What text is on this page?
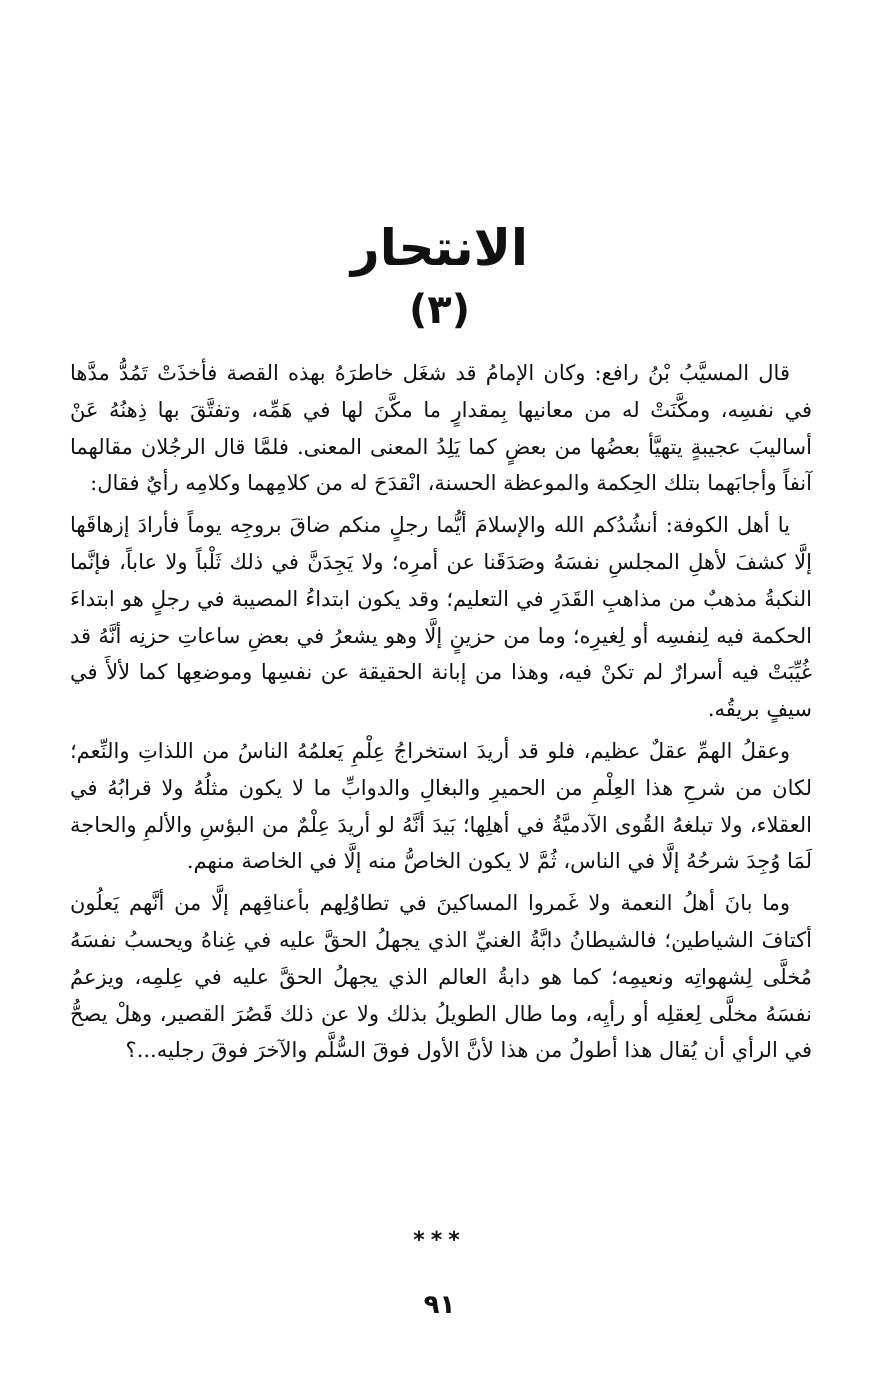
الانتحار
(٣)

قال المسيَّبُ بْنُ رافع: وكان الإمامُ قد شغَل خاطرَهُ بهذه القصة فأخذَتْ تَمُدُّ مدَّها في نفسِه، ومكَّنَتْ له من معانيها بِمقدارٍ ما مكَّنَ لها في هَمِّه، وتفتَّقَ بها ذِهنُهُ عَنْ أساليبَ عجيبةٍ يتهيَّأ بعضُها من بعضٍ كما يَلِدُ المعنى المعنى. فلمَّا قال الرجُلان مقالهما آنفاً وأجابَهما بتلك الحِكمة والموعظة الحسنة، انْقدَحَ له من كلامِهما وكلامِه رأيٌ فقال:

يا أهل الكوفة: أنشُدُكم الله والإسلامَ أيُّما رجلٍ منكم ضاقَ بروجِه يوماً فأرادَ إزهاقَها إلَّا كشفَ لأهلِ المجلسِ نفسَهُ وصَدَقَنا عن أمرِه؛ ولا يَجِدَنَّ في ذلك ثَلْباً ولا عاباً، فإنَّما النكبةُ مذهبٌ من مذاهبِ القَدَرِ في التعليم؛ وقد يكون ابتداءُ المصيبة في رجلٍ هو ابتداءَ الحكمة فيه لِنفسِه أو لِغيرِه؛ وما من حزينٍ إلَّا وهو يشعرُ في بعضِ ساعاتِ حزنِه أنَّهُ قد غُيِّبَتْ فيه أسرارٌ لم تكنْ فيه، وهذا من إبانة الحقيقة عن نفسِها وموضعِها كما لألأَ في سيفٍ بريقُه.

وعقلُ الهمِّ عقلٌ عظيم، فلو قد أريدَ استخراجُ عِلْمِ يَعلمُهُ الناسُ من اللذاتِ والنِّعم؛ لكان من شرحِ هذا العِلْمِ من الحميرِ والبغالِ والدوابِّ ما لا يكون مثلُهُ ولا قرابُهُ في العقلاء، ولا تبلغهُ القُوى الآدميَّةُ في أهلِها؛ بَيدَ أنَّهُ لو أريدَ عِلْمٌ من البؤسِ والألمِ والحاجة لَمَا وُجِدَ شرحُهُ إلَّا في الناس، ثُمَّ لا يكون الخاصُّ منه إلَّا في الخاصة منهم.

وما بانَ أهلُ النعمة ولا غَمروا المساكينَ في تطاوُلِهم بأعناقِهم إلَّا من أنَّهم يَعلُون أكتافَ الشياطين؛ فالشيطانُ دابَّةُ الغنيِّ الذي يجهلُ الحقَّ عليه في غِناهُ ويحسبُ نفسَهُ مُخلَّى لِشهواتِه ونعيمِه؛ كما هو دابةُ العالم الذي يجهلُ الحقَّ عليه في عِلمِه، ويزعمُ نفسَهُ مخلَّى لِعقلِه أو رأيِه، وما طال الطويلُ بذلك ولا عن ذلك قَصُرَ القصير، وهلْ يصحُّ في الرأي أن يُقال هذا أطولُ من هذا لأنَّ الأول فوقَ السُّلَّم والآخرَ فوقَ رجليه...؟

***
٩١
